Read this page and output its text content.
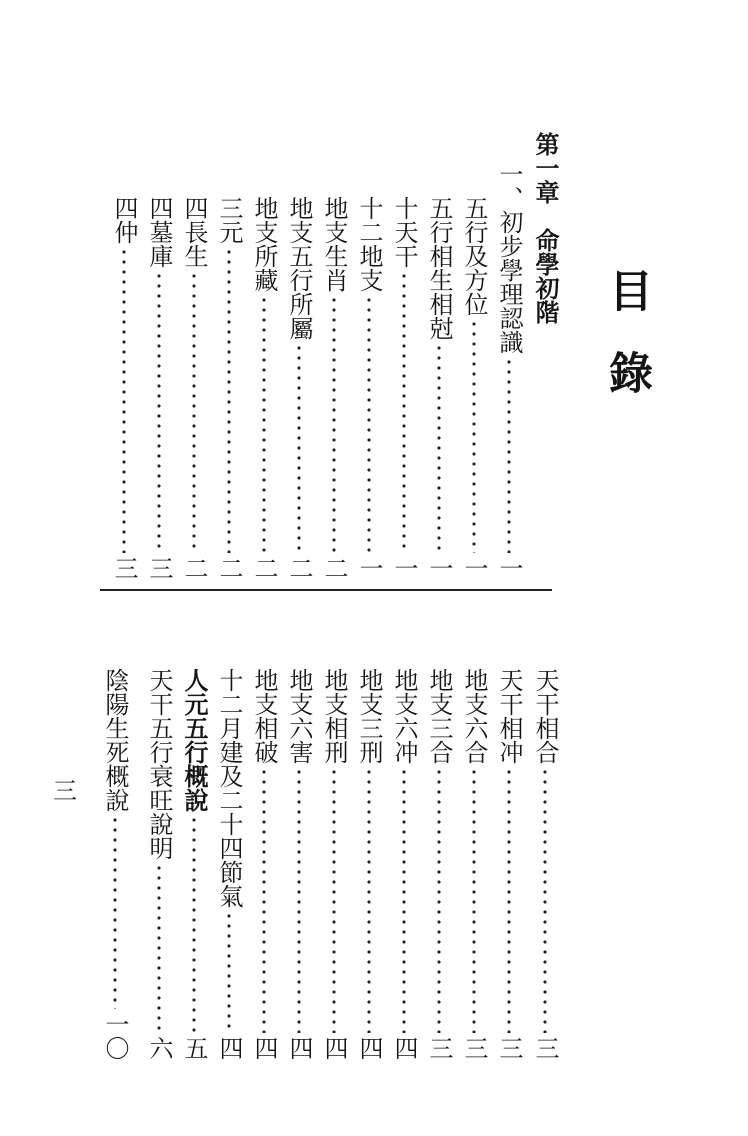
目錄
第一章　命學初階
一、初步學理認識
一
五行及方位
一
五行相生相尅
一
十天干
一
十二地支
一
地支生肖
二
地支五行所屬
二
地支所藏
二
三元
二
四長生
二
四墓庫
三
四仲
三
天干相合
三
天干相冲
三
地支六合
三
地支三合
三
地支六冲
四
地支三刑
四
地支相刑
四
地支六害
四
地支相破
四
十二月建及二十四節氣
四
人元五行概說
五
天干五行衰旺說明
六
陰陽生死概說
一〇
三
